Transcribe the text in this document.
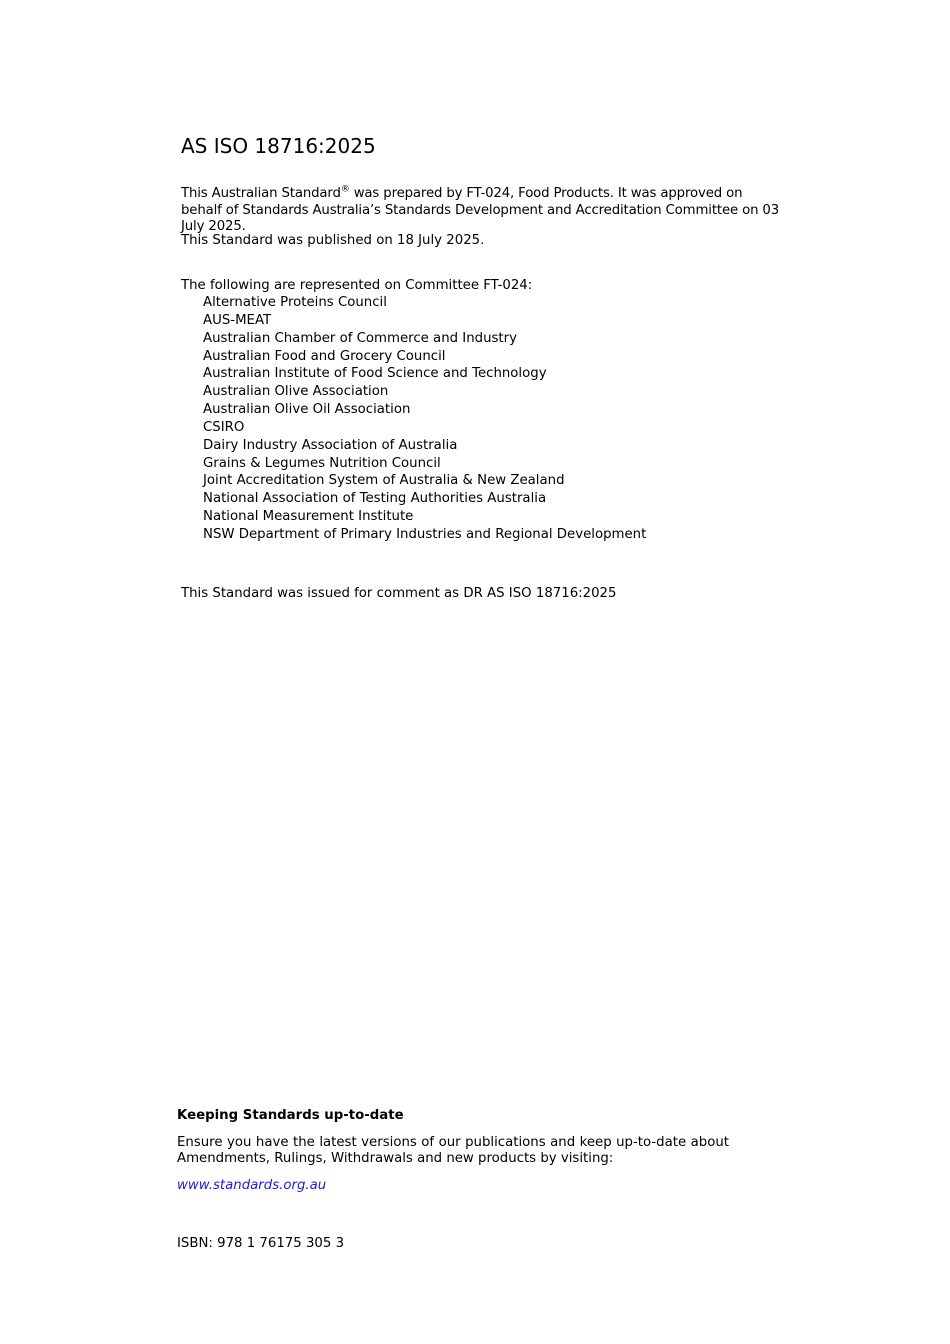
AS ISO 18716:2025

This Australian Standard® was prepared by FT-024, Food Products. It was approved on behalf of Standards Australia’s Standards Development and Accreditation Committee on 03 July 2025.

This Standard was published on 18 July 2025.

The following are represented on Committee FT-024:

Alternative Proteins Council
AUS-MEAT
Australian Chamber of Commerce and Industry
Australian Food and Grocery Council
Australian Institute of Food Science and Technology
Australian Olive Association
Australian Olive Oil Association
CSIRO
Dairy Industry Association of Australia
Grains & Legumes Nutrition Council
Joint Accreditation System of Australia & New Zealand
National Association of Testing Authorities Australia
National Measurement Institute
NSW Department of Primary Industries and Regional Development

This Standard was issued for comment as DR AS ISO 18716:2025

Keeping Standards up-to-date

Ensure you have the latest versions of our publications and keep up-to-date about Amendments, Rulings, Withdrawals and new products by visiting:

www.standards.org.au

ISBN: 978 1 76175 305 3
